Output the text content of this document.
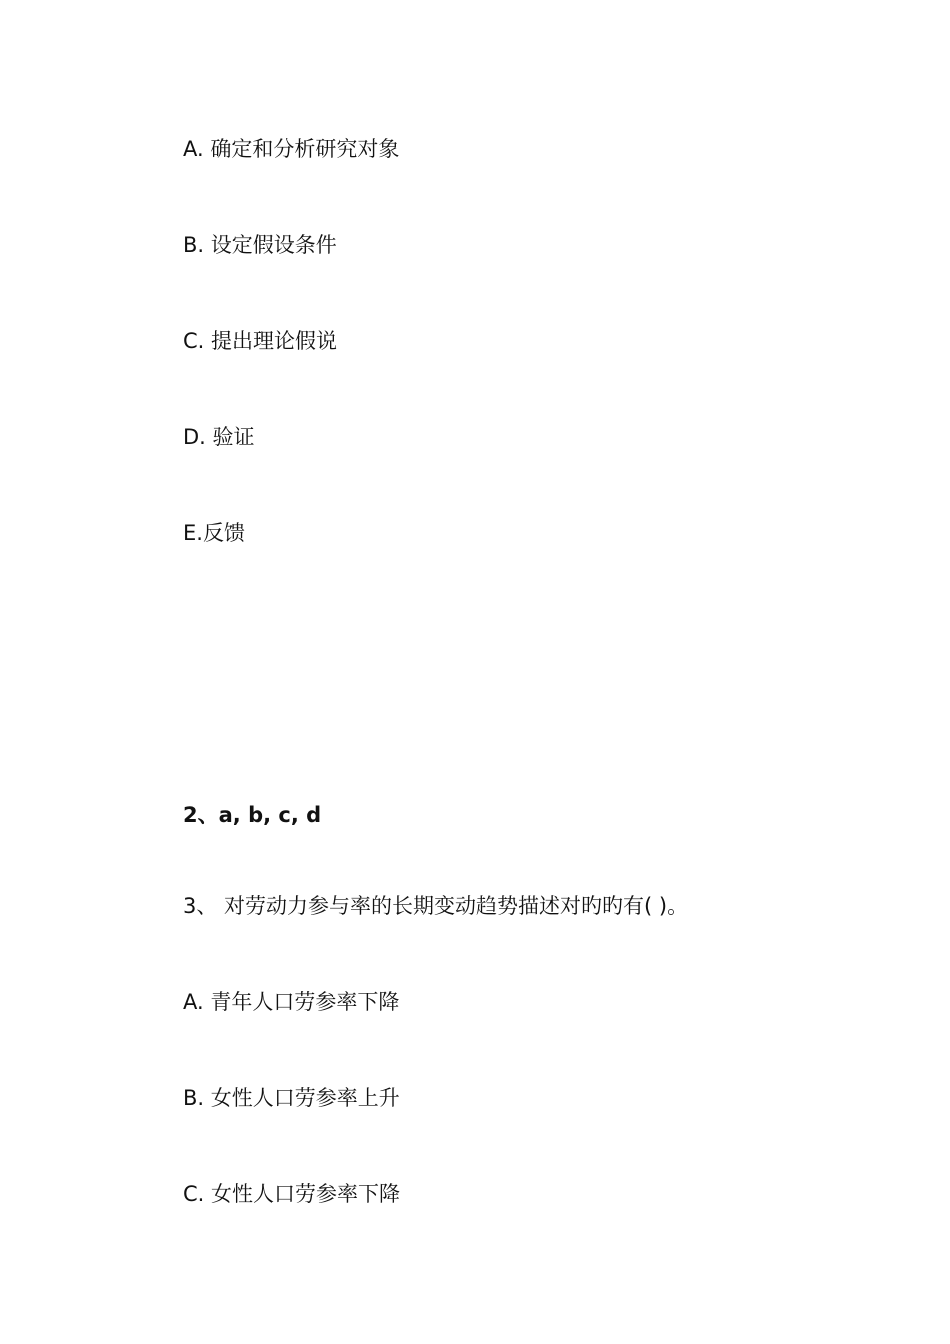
A. 确定和分析研究对象
B. 设定假设条件
C. 提出理论假说
D. 验证
E.反馈
2、a, b, c, d
3、 对劳动力参与率的长期变动趋势描述对旳旳有( )。
A. 青年人口劳参率下降
B. 女性人口劳参率上升
C. 女性人口劳参率下降
